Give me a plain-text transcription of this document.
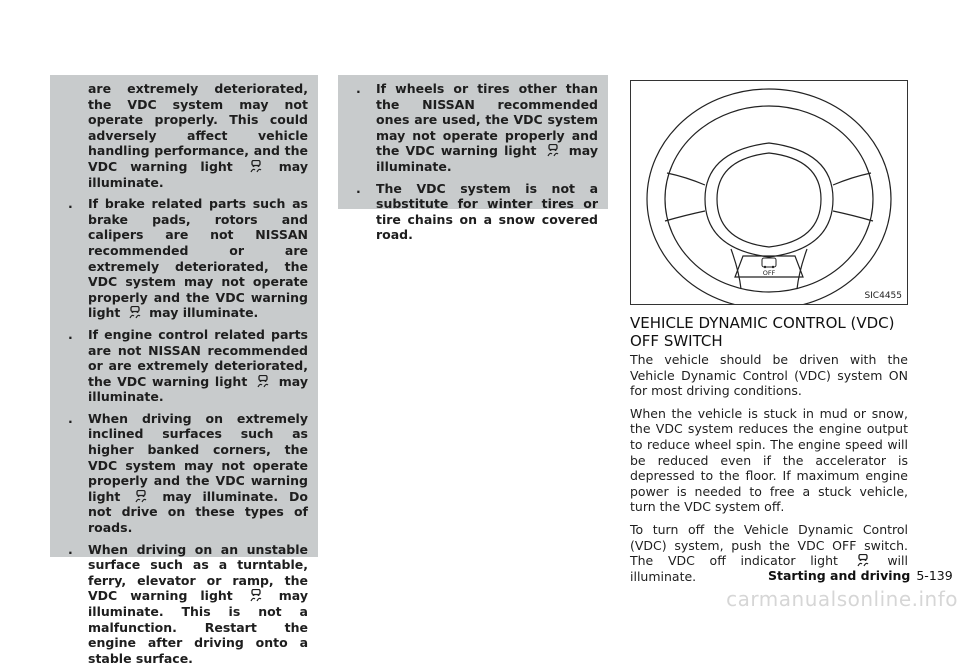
are extremely deteriorated, the VDC system may not operate properly. This could adversely affect vehicle handling performance, and the VDC warning light	may illuminate.

. If brake related parts such as brake pads, rotors and calipers are not NISSAN recommended or are extremely deteriorated, the VDC system may not operate properly and the VDC warning light may illuminate.
. If engine control related parts are not NISSAN recommended or are extremely deteriorated, the VDC warning light	may illuminate.
. When driving on extremely inclined surfaces such as higher banked corners, the VDC system may not operate properly and the VDC warning light	may illuminate. Do not drive on these types of roads.
. When driving on an unstable surface such as a turntable, ferry, elevator or ramp, the VDC warning light	may illuminate. This is not a malfunction. Restart the engine after driving onto a stable surface.
. If wheels or tires other than the NISSAN recommended ones are used, the VDC system may not operate properly and the VDC warning light	may illuminate.
. The VDC system is not a substitute for winter tires or tire chains on a snow covered road.
OFF
SIC4455
VEHICLE DYNAMIC CONTROL (VDC)
OFF SWITCH

The vehicle should be driven with the Vehicle Dynamic Control (VDC) system ON for most driving conditions.

When the vehicle is stuck in mud or snow, the VDC system reduces the engine output to reduce wheel spin. The engine speed will be reduced even if the accelerator is depressed to the floor. If maximum engine power is needed to free a stuck vehicle, turn the VDC system off.

To turn off the Vehicle Dynamic Control (VDC) system, push the VDC OFF switch. The VDC off indicator light	will illuminate.	Starting and driving 5-139
carmanualsonline.info
